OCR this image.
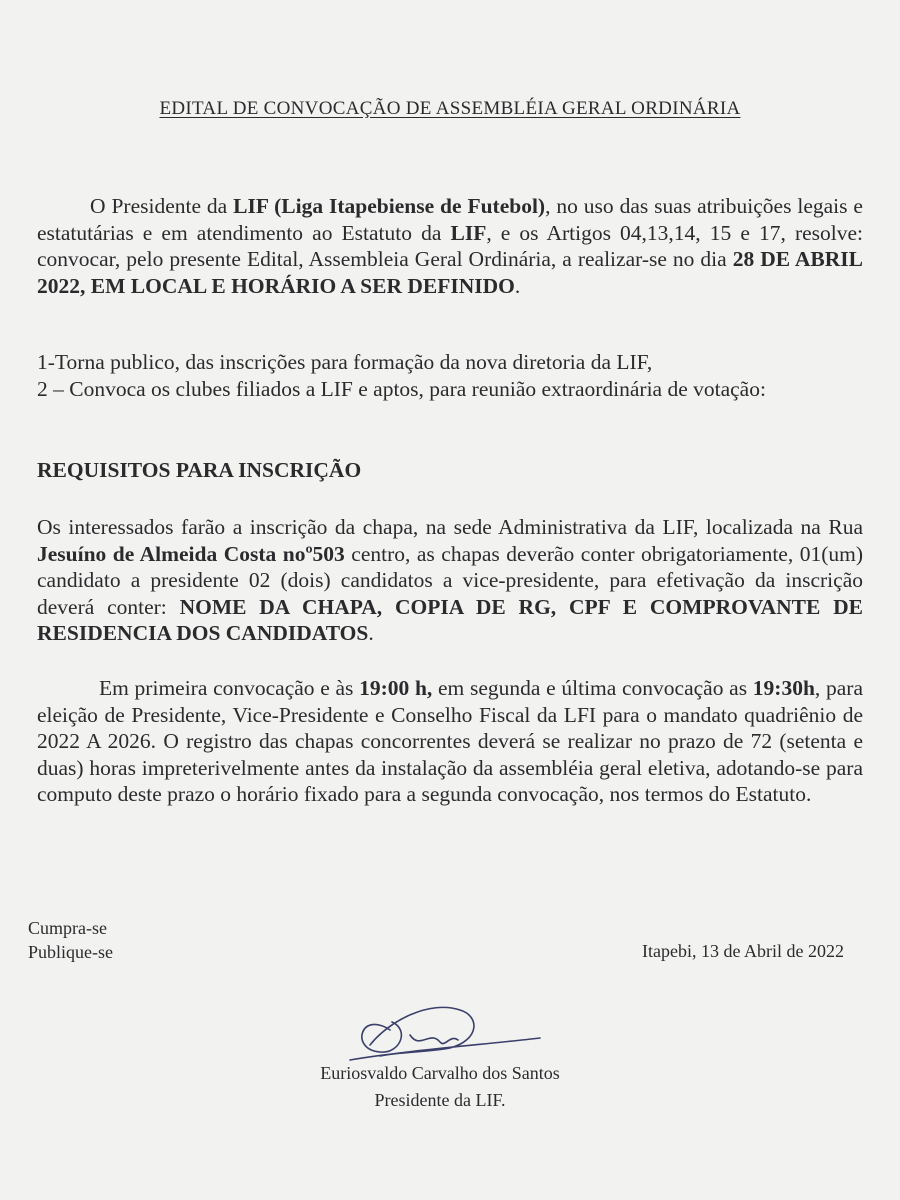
EDITAL DE CONVOCAÇÃO DE ASSEMBLÉIA GERAL ORDINÁRIA
O Presidente da LIF (Liga Itapebiense de Futebol), no uso das suas atribuições legais e estatutárias e em atendimento ao Estatuto da LIF, e os Artigos 04,13,14, 15 e 17, resolve: convocar, pelo presente Edital, Assembleia Geral Ordinária, a realizar-se no dia 28 DE ABRIL 2022, EM LOCAL E HORÁRIO A SER DEFINIDO.
1-Torna publico, das inscrições para formação da nova diretoria da LIF,
2 – Convoca os clubes filiados a LIF e aptos, para reunião extraordinária de votação:
REQUISITOS PARA INSCRIÇÃO
Os interessados farão a inscrição da chapa, na sede Administrativa da LIF, localizada na Rua Jesuíno de Almeida Costa noº503 centro, as chapas deverão conter obrigatoriamente, 01(um) candidato a presidente 02 (dois) candidatos a vice-presidente, para efetivação da inscrição deverá conter: NOME DA CHAPA, COPIA DE RG, CPF E COMPROVANTE DE RESIDENCIA DOS CANDIDATOS.
Em primeira convocação e às 19:00 h, em segunda e última convocação as 19:30h, para eleição de Presidente, Vice-Presidente e Conselho Fiscal da LFI para o mandato quadriênio de 2022 A 2026. O registro das chapas concorrentes deverá se realizar no prazo de 72 (setenta e duas) horas impreterivelmente antes da instalação da assembléia geral eletiva, adotando-se para computo deste prazo o horário fixado para a segunda convocação, nos termos do Estatuto.
Cumpra-se
Publique-se	Itapebi, 13 de Abril de 2022
Euriosvaldo Carvalho dos Santos
Presidente da LIF.
